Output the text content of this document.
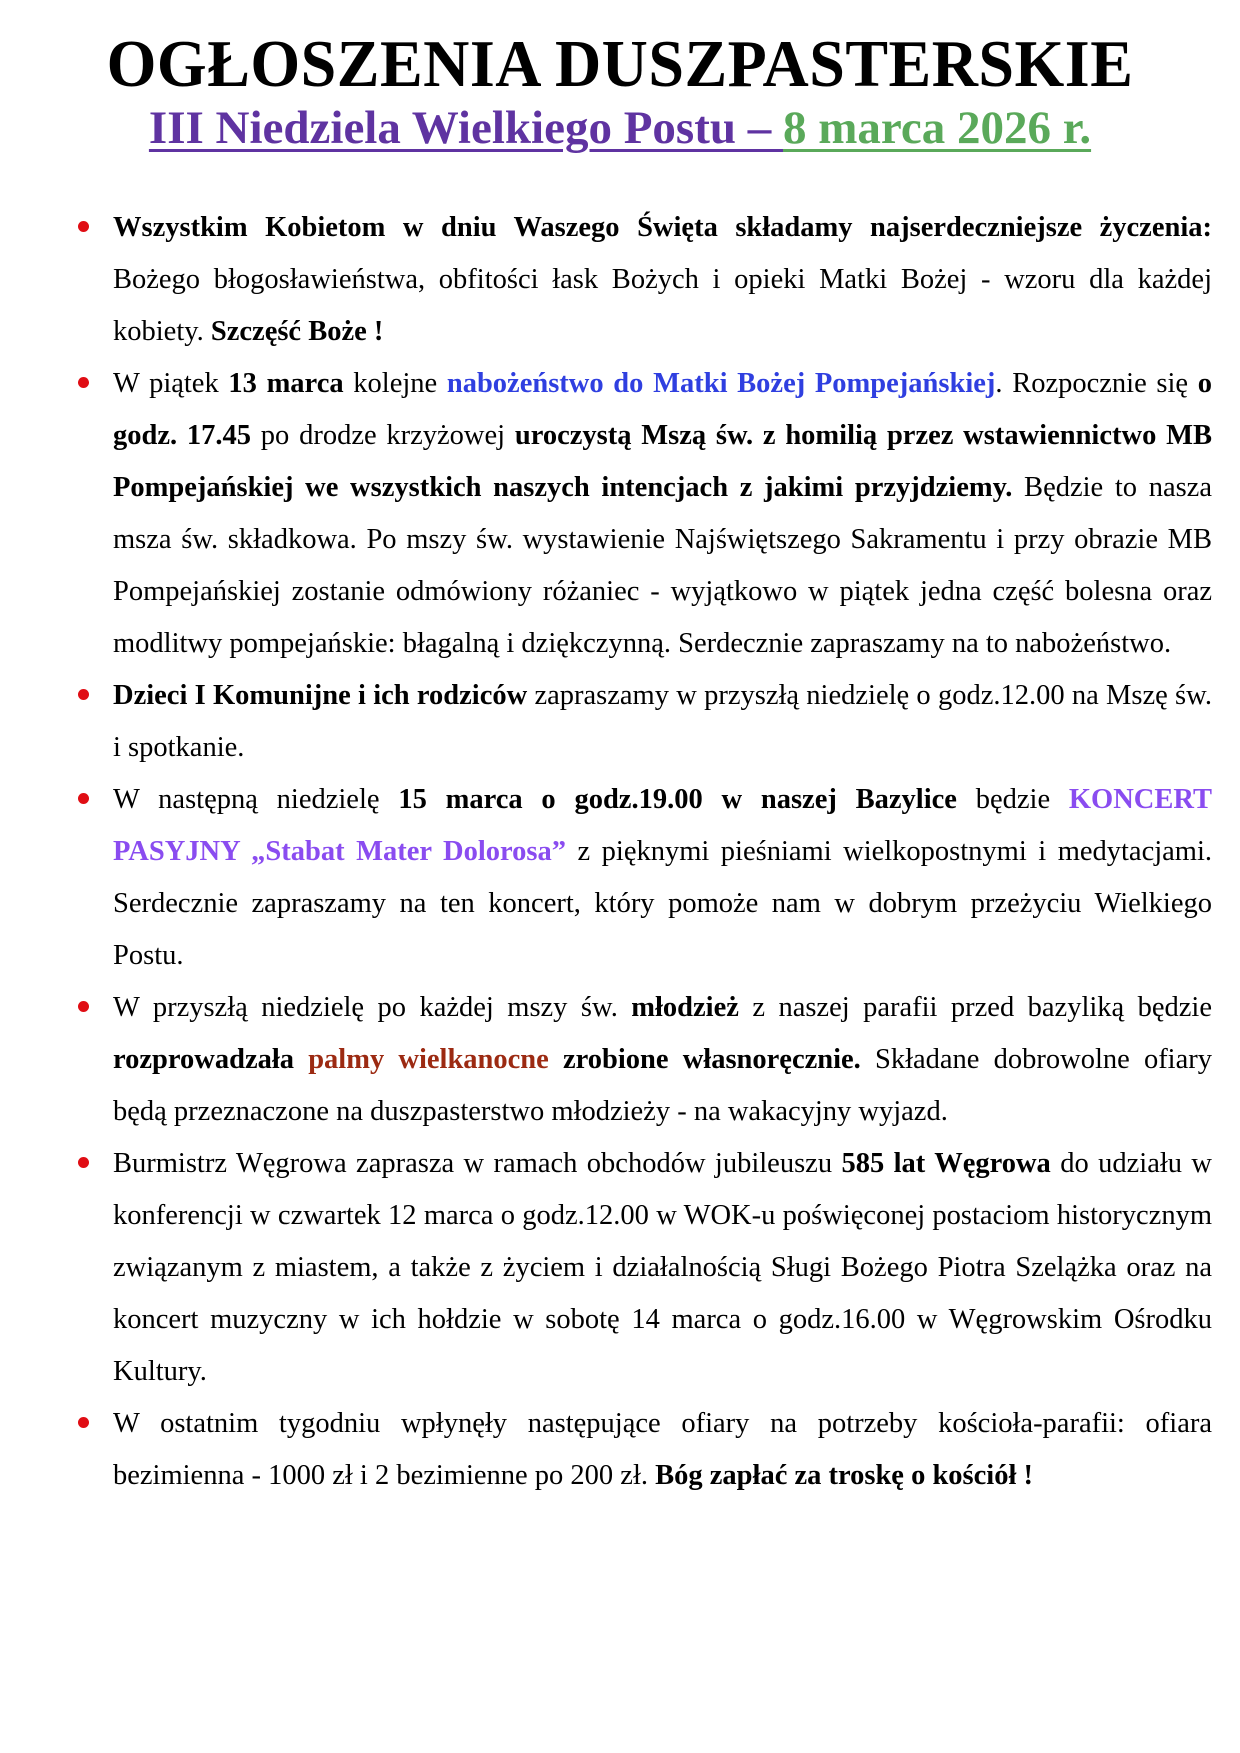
OGŁOSZENIA DUSZPASTERSKIE
III Niedziela Wielkiego Postu – 8 marca 2026 r.
Wszystkim Kobietom w dniu Waszego Święta składamy najserdeczniejsze życzenia: Bożego błogosławieństwa, obfitości łask Bożych i opieki Matki Bożej - wzoru dla każdej kobiety. Szczęść Boże !
W piątek 13 marca kolejne nabożeństwo do Matki Bożej Pompejańskiej. Rozpocznie się o godz. 17.45 po drodze krzyżowej uroczystą Mszą św. z homilią przez wstawiennictwo MB Pompejańskiej we wszystkich naszych intencjach z jakimi przyjdziemy. Będzie to nasza msza św. składkowa. Po mszy św. wystawienie Najświętszego Sakramentu i przy obrazie MB Pompejańskiej zostanie odmówiony różaniec - wyjątkowo w piątek jedna część bolesna oraz modlitwy pompejańskie: błagalną i dziękczynną. Serdecznie zapraszamy na to nabożeństwo.
Dzieci I Komunijne i ich rodziców zapraszamy w przyszłą niedzielę o godz.12.00 na Mszę św. i spotkanie.
W następną niedzielę 15 marca o godz.19.00 w naszej Bazylice będzie KONCERT PASYJNY „Stabat Mater Dolorosa” z pięknymi pieśniami wielkopostnymi i medytacjami. Serdecznie zapraszamy na ten koncert, który pomoże nam w dobrym przeżyciu Wielkiego Postu.
W przyszłą niedzielę po każdej mszy św. młodzież z naszej parafii przed bazyliką będzie rozprowadzała palmy wielkanocne zrobione własnoręcznie. Składane dobrowolne ofiary będą przeznaczone na duszpasterstwo młodzieży - na wakacyjny wyjazd.
Burmistrz Węgrowa zaprasza w ramach obchodów jubileuszu 585 lat Węgrowa do udziału w konferencji w czwartek 12 marca o godz.12.00 w WOK-u poświęconej postaciom historycznym związanym z miastem, a także z życiem i działalnością Sługi Bożego Piotra Szelążka oraz na koncert muzyczny w ich hołdzie w sobotę 14 marca o godz.16.00 w Węgrowskim Ośrodku Kultury.
W ostatnim tygodniu wpłynęły następujące ofiary na potrzeby kościoła-parafii: ofiara bezimienna - 1000 zł i 2 bezimienne po 200 zł. Bóg zapłać za troskę o kościół !
